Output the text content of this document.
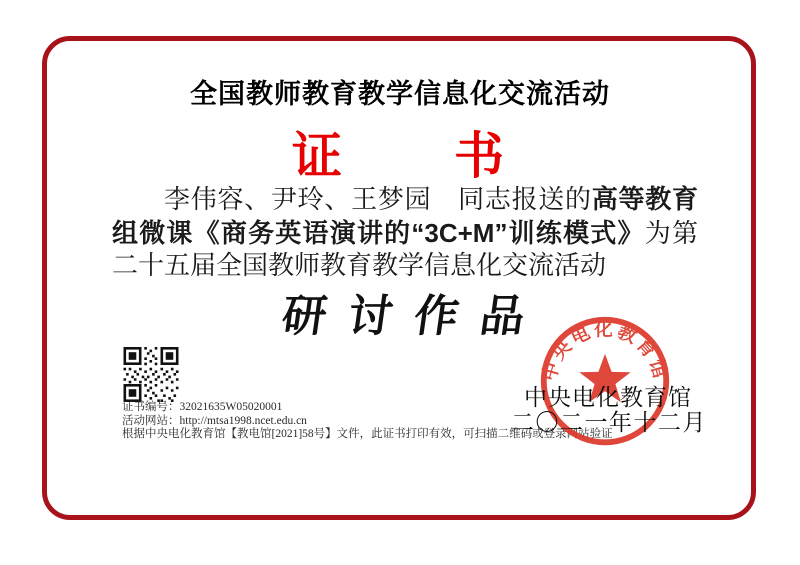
全国教师教育教学信息化交流活动
证　　书
李伟容、尹玲、王梦园　同志报送的高等教育组微课《商务英语演讲的“3C+M”训练模式》为第二十五届全国教师教育教学信息化交流活动
研讨作品
证书编号：32021635W05020001
活动网站：http://mtsa1998.ncet.edu.cn
根据中央电化教育馆【教电馆[2021]58号】文件，此证书打印有效，可扫描二维码或登录网站验证
中央电化教育馆
中央电化教育馆
二〇二一年十二月
